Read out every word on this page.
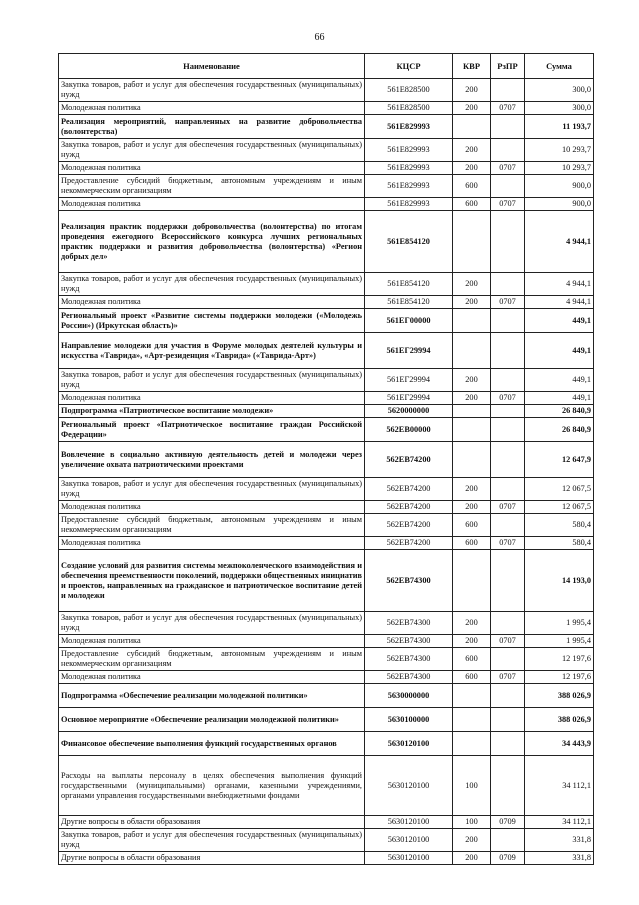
66
Наименование	КЦСР	КВР	РзПР	Сумма
Закупка товаров, работ и услуг для обеспечения государственных (муниципальных) нужд	561E828500	200		300,0
Молодежная политика	561E828500	200	0707	300,0
Реализация мероприятий, направленных на развитие добровольчества (волонтерства)	561E829993			11 193,7
Закупка товаров, работ и услуг для обеспечения государственных (муниципальных) нужд	561E829993	200		10 293,7
Молодежная политика	561E829993	200	0707	10 293,7
Предоставление субсидий бюджетным, автономным учреждениям и иным некоммерческим организациям	561E829993	600		900,0
Молодежная политика	561E829993	600	0707	900,0
Реализация практик поддержки добровольчества (волонтерства) по итогам проведения ежегодного Всероссийского конкурса лучших региональных практик поддержки и развития добровольчества (волонтерства) «Регион добрых дел»	561E854120			4 944,1
Закупка товаров, работ и услуг для обеспечения государственных (муниципальных) нужд	561E854120	200		4 944,1
Молодежная политика	561E854120	200	0707	4 944,1
Региональный проект «Развитие системы поддержки молодежи («Молодежь России») (Иркутская область)»	561ЕГ00000			449,1
Направление молодежи для участия в Форуме молодых деятелей культуры и искусства «Таврида», «Арт-резиденция «Таврида» («Таврида-Арт»)	561ЕГ29994			449,1
Закупка товаров, работ и услуг для обеспечения государственных (муниципальных) нужд	561ЕГ29994	200		449,1
Молодежная политика	561ЕГ29994	200	0707	449,1
Подпрограмма «Патриотическое воспитание молодежи»	5620000000			26 840,9
Региональный проект «Патриотическое воспитание граждан Российской Федерации»	562EB00000			26 840,9
Вовлечение в социально активную деятельность детей и молодежи через увеличение охвата патриотическими проектами	562EB74200			12 647,9
Закупка товаров, работ и услуг для обеспечения государственных (муниципальных) нужд	562EB74200	200		12 067,5
Молодежная политика	562EB74200	200	0707	12 067,5
Предоставление субсидий бюджетным, автономным учреждениям и иным некоммерческим организациям	562EB74200	600		580,4
Молодежная политика	562EB74200	600	0707	580,4
Создание условий для развития системы межпоколенческого взаимодействия и обеспечения преемственности поколений, поддержки общественных инициатив и проектов, направленных на гражданское и патриотическое воспитание детей и молодежи	562EB74300			14 193,0
Закупка товаров, работ и услуг для обеспечения государственных (муниципальных) нужд	562EB74300	200		1 995,4
Молодежная политика	562EB74300	200	0707	1 995,4
Предоставление субсидий бюджетным, автономным учреждениям и иным некоммерческим организациям	562EB74300	600		12 197,6
Молодежная политика	562EB74300	600	0707	12 197,6
Подпрограмма «Обеспечение реализации молодежной политики»	5630000000			388 026,9
Основное мероприятие «Обеспечение реализации молодежной политики»	5630100000			388 026,9
Финансовое обеспечение выполнения функций государственных органов	5630120100			34 443,9
Расходы на выплаты персоналу в целях обеспечения выполнения функций государственными (муниципальными) органами, казенными учреждениями, органами управления государственными внебюджетными фондами	5630120100	100		34 112,1
Другие вопросы в области образования	5630120100	100	0709	34 112,1
Закупка товаров, работ и услуг для обеспечения государственных (муниципальных) нужд	5630120100	200		331,8
Другие вопросы в области образования	5630120100	200	0709	331,8
